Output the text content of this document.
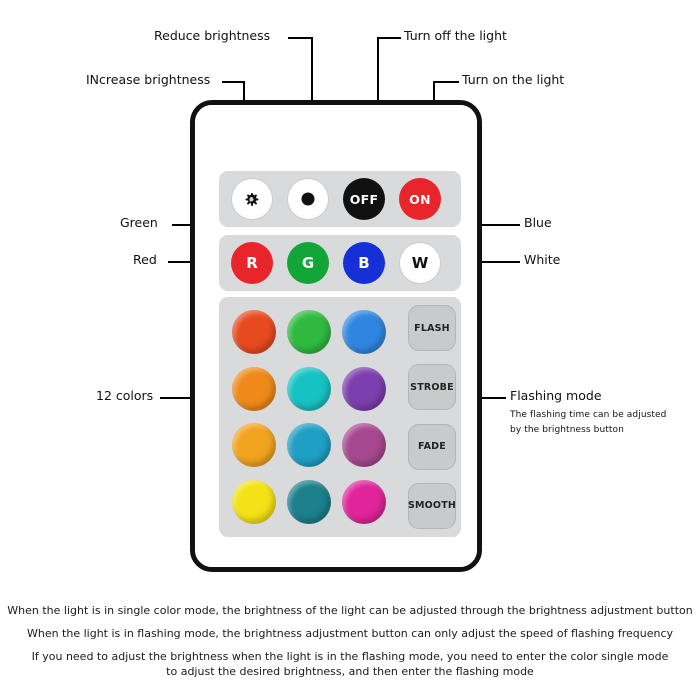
Reduce brightness
INcrease brightness
Turn off the light
Turn on the light
Green
Red
Blue
White
12 colors	Flashing mode
The flashing time can be adjusted
by the brightness button
OFF	ON
R	G	B	W
FLASH
STROBE
FADE
SMOOTH

When the light is in single color mode, the brightness of the light can be adjusted through the brightness adjustment button

When the light is in flashing mode, the brightness adjustment button can only adjust the speed of flashing frequency

If you need to adjust the brightness when the light is in the flashing mode, you need to enter the color single mode

to adjust the desired brightness, and then enter the flashing mode
